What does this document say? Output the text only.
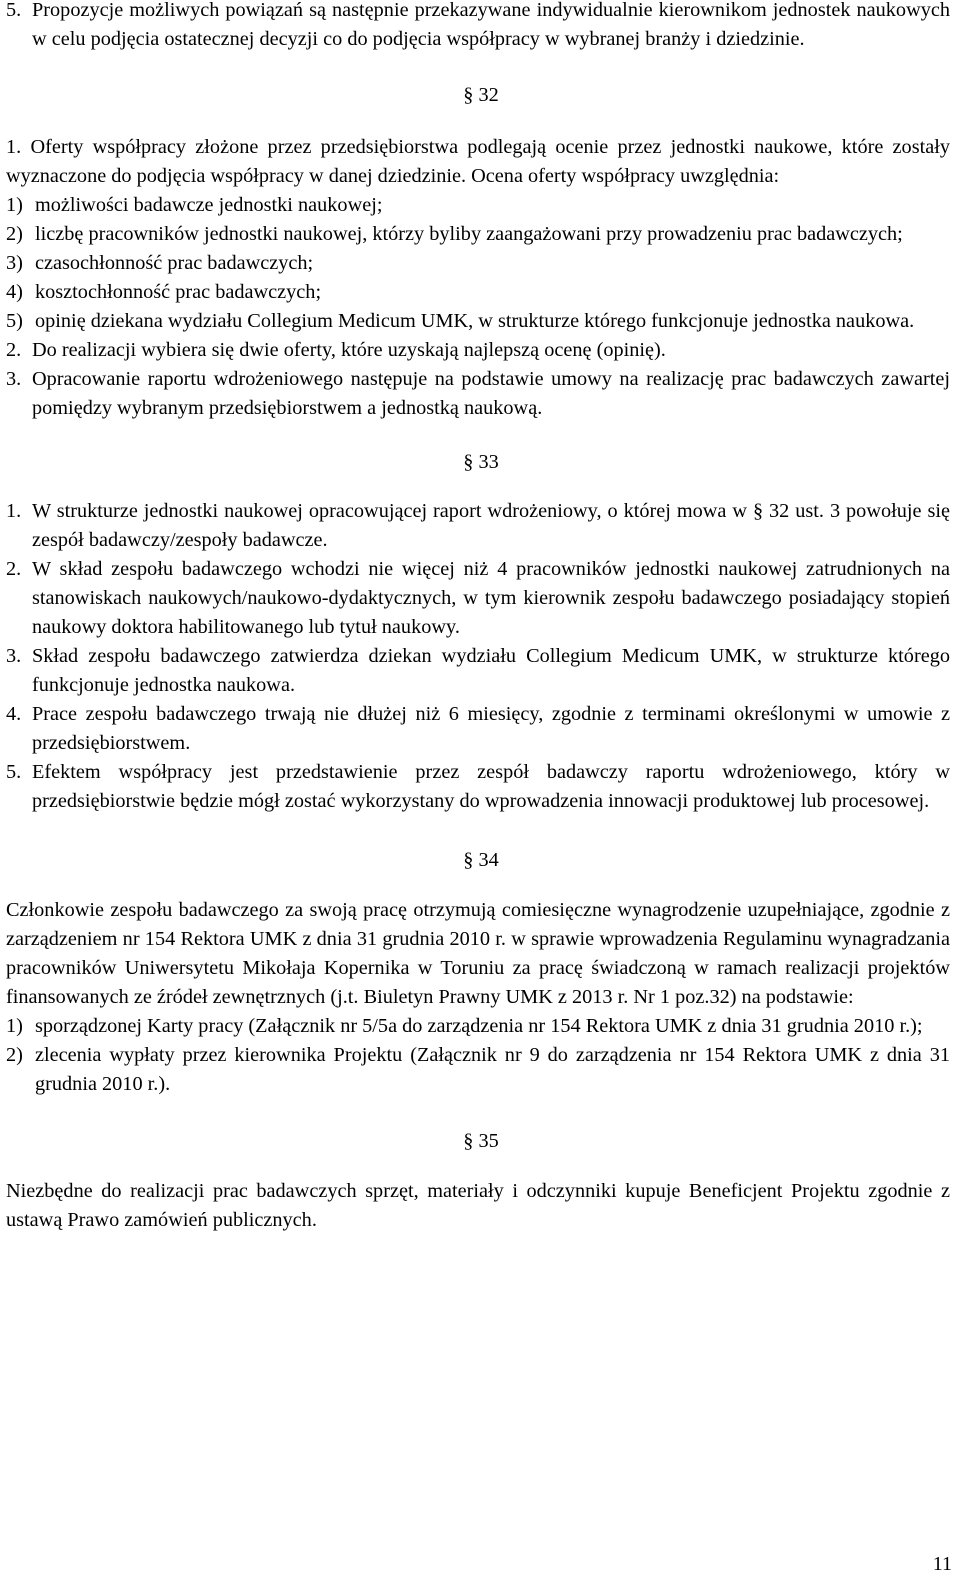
5. Propozycje możliwych powiązań są następnie przekazywane indywidualnie kierownikom jednostek naukowych w celu podjęcia ostatecznej decyzji co do podjęcia współpracy w wybranej branży i dziedzinie.

§ 32

1. Oferty współpracy złożone przez przedsiębiorstwa podlegają ocenie przez jednostki naukowe, które zostały wyznaczone do podjęcia współpracy w danej dziedzinie. Ocena oferty współpracy uwzględnia:

1) możliwości badawcze jednostki naukowej;
2) liczbę pracowników jednostki naukowej, którzy byliby zaangażowani przy prowadzeniu prac badawczych;
3) czasochłonność prac badawczych;
4) kosztochłonność prac badawczych;
5) opinię dziekana wydziału Collegium Medicum UMK, w strukturze którego funkcjonuje jednostka naukowa.
2. Do realizacji wybiera się dwie oferty, które uzyskają najlepszą ocenę (opinię).
3. Opracowanie raportu wdrożeniowego następuje na podstawie umowy na realizację prac badawczych zawartej pomiędzy wybranym przedsiębiorstwem a jednostką naukową.

§ 33

1. W strukturze jednostki naukowej opracowującej raport wdrożeniowy, o której mowa w § 32 ust. 3 powołuje się zespół badawczy/zespoły badawcze.
2. W skład zespołu badawczego wchodzi nie więcej niż 4 pracowników jednostki naukowej zatrudnionych na stanowiskach naukowych/naukowo-dydaktycznych, w tym kierownik zespołu badawczego posiadający stopień naukowy doktora habilitowanego lub tytuł naukowy.
3. Skład zespołu badawczego zatwierdza dziekan wydziału Collegium Medicum UMK, w strukturze którego funkcjonuje jednostka naukowa.
4. Prace zespołu badawczego trwają nie dłużej niż 6 miesięcy, zgodnie z terminami określonymi w umowie z przedsiębiorstwem.
5. Efektem współpracy jest przedstawienie przez zespół badawczy raportu wdrożeniowego, który w przedsiębiorstwie będzie mógł zostać wykorzystany do wprowadzenia innowacji produktowej lub procesowej.

§ 34

Członkowie zespołu badawczego za swoją pracę otrzymują comiesięczne wynagrodzenie uzupełniające, zgodnie z zarządzeniem nr 154 Rektora UMK z dnia 31 grudnia 2010 r. w sprawie wprowadzenia Regulaminu wynagradzania pracowników Uniwersytetu Mikołaja Kopernika w Toruniu za pracę świadczoną w ramach realizacji projektów finansowanych ze źródeł zewnętrznych (j.t. Biuletyn Prawny UMK z 2013 r. Nr 1 poz.32) na podstawie:

1) sporządzonej Karty pracy (Załącznik nr 5/5a do zarządzenia nr 154 Rektora UMK z dnia 31 grudnia 2010 r.);
2) zlecenia wypłaty przez kierownika Projektu (Załącznik nr 9 do zarządzenia nr 154 Rektora UMK z dnia 31 grudnia 2010 r.).

§ 35

Niezbędne do realizacji prac badawczych sprzęt, materiały i odczynniki kupuje Beneficjent Projektu zgodnie z ustawą Prawo zamówień publicznych.

11
